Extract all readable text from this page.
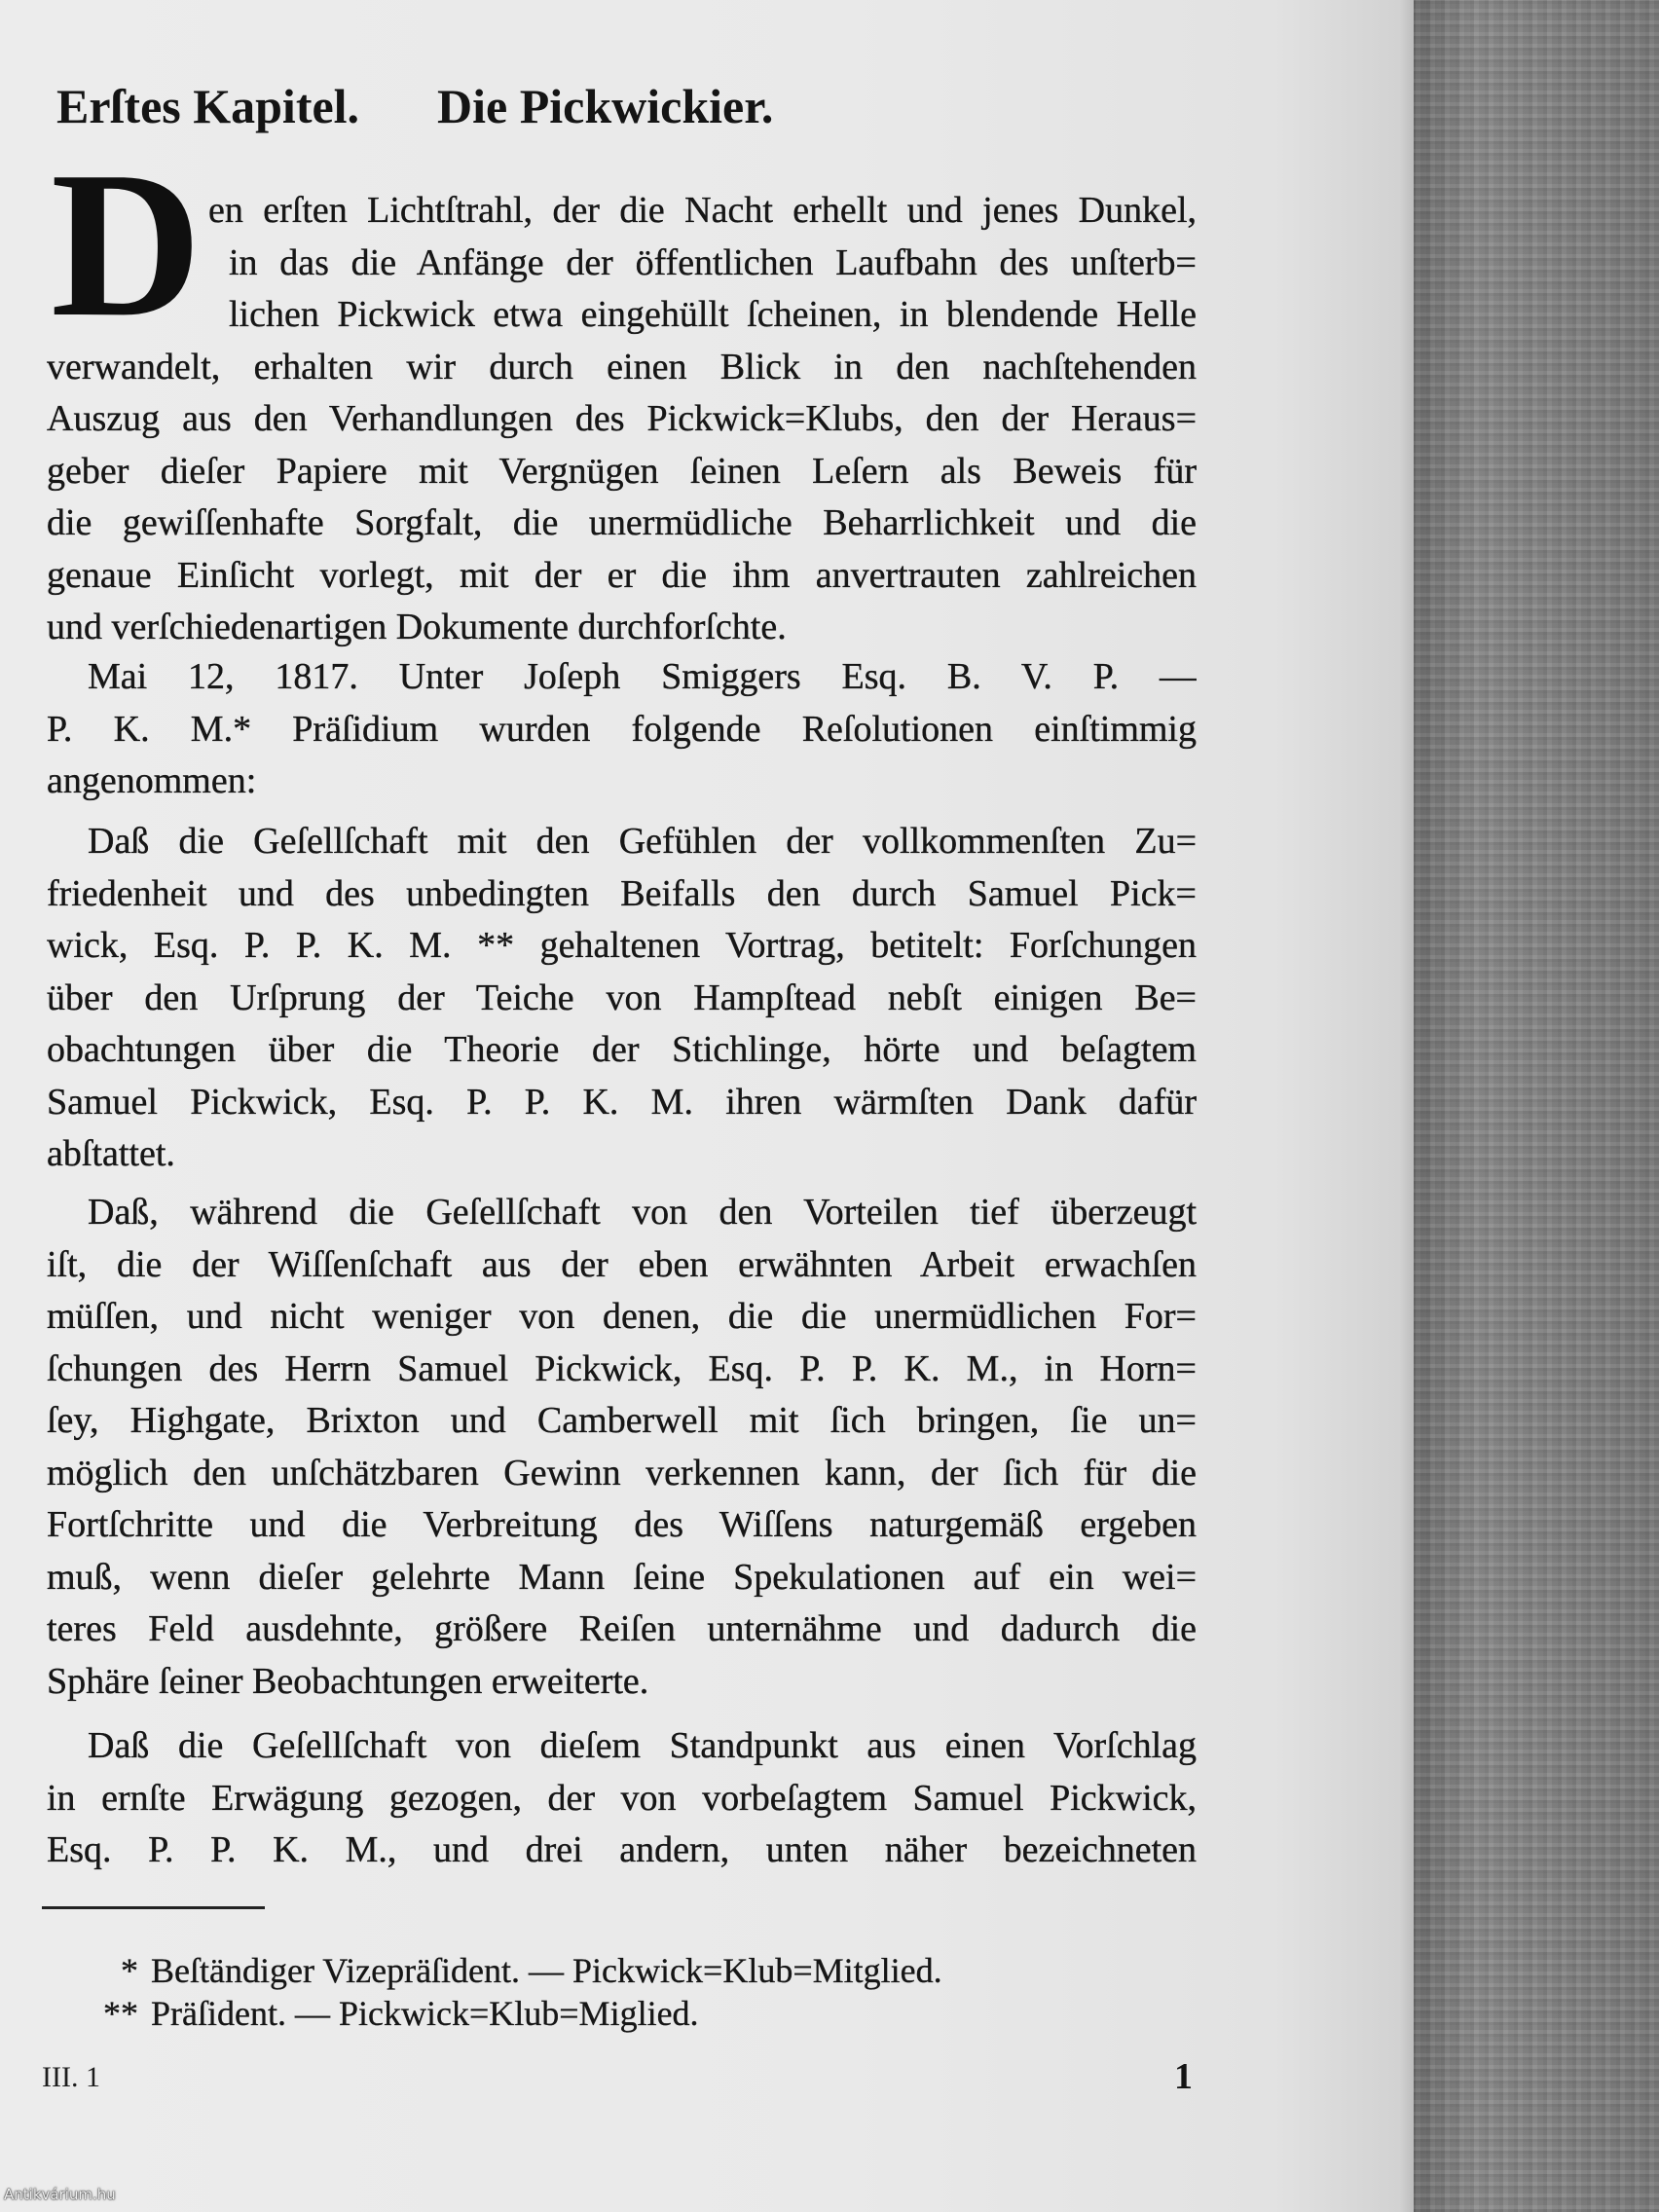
Erſtes Kapitel. Die Pickwickier.
D en erſten Lichtſtrahl, der die Nacht erhellt und jenes Dunkel,
in das die Anfänge der öffentlichen Laufbahn des unſterb=
lichen Pickwick etwa eingehüllt ſcheinen, in blendende Helle
verwandelt, erhalten wir durch einen Blick in den nachſtehenden
Auszug aus den Verhandlungen des Pickwick=Klubs, den der Heraus=
geber dieſer Papiere mit Vergnügen ſeinen Leſern als Beweis für
die gewiſſenhafte Sorgfalt, die unermüdliche Beharrlichkeit und die
genaue Einſicht vorlegt, mit der er die ihm anvertrauten zahlreichen
und verſchiedenartigen Dokumente durchforſchte.
Mai 12, 1817. Unter Joſeph Smiggers Esq. B. V. P. —
P. K. M.* Präſidium wurden folgende Reſolutionen einſtimmig
angenommen:
Daß die Geſellſchaft mit den Gefühlen der vollkommenſten Zu=
friedenheit und des unbedingten Beifalls den durch Samuel Pick=
wick, Esq. P. P. K. M. ** gehaltenen Vortrag, betitelt: Forſchungen
über den Urſprung der Teiche von Hampſtead nebſt einigen Be=
obachtungen über die Theorie der Stichlinge, hörte und beſagtem
Samuel Pickwick, Esq. P. P. K. M. ihren wärmſten Dank dafür
abſtattet.
Daß, während die Geſellſchaft von den Vorteilen tief überzeugt
iſt, die der Wiſſenſchaft aus der eben erwähnten Arbeit erwachſen
müſſen, und nicht weniger von denen, die die unermüdlichen For=
ſchungen des Herrn Samuel Pickwick, Esq. P. P. K. M., in Horn=
ſey, Highgate, Brixton und Camberwell mit ſich bringen, ſie un=
möglich den unſchätzbaren Gewinn verkennen kann, der ſich für die
Fortſchritte und die Verbreitung des Wiſſens naturgemäß ergeben
muß, wenn dieſer gelehrte Mann ſeine Spekulationen auf ein wei=
teres Feld ausdehnte, größere Reiſen unternähme und dadurch die
Sphäre ſeiner Beobachtungen erweiterte.
Daß die Geſellſchaft von dieſem Standpunkt aus einen Vorſchlag
in ernſte Erwägung gezogen, der von vorbeſagtem Samuel Pickwick,
Esq. P. P. K. M., und drei andern, unten näher bezeichneten
* Beſtändiger Vizepräſident. — Pickwick=Klub=Mitglied.
** Präſident. — Pickwick=Klub=Miglied.
III. 1	1
Antikvárium.hu
